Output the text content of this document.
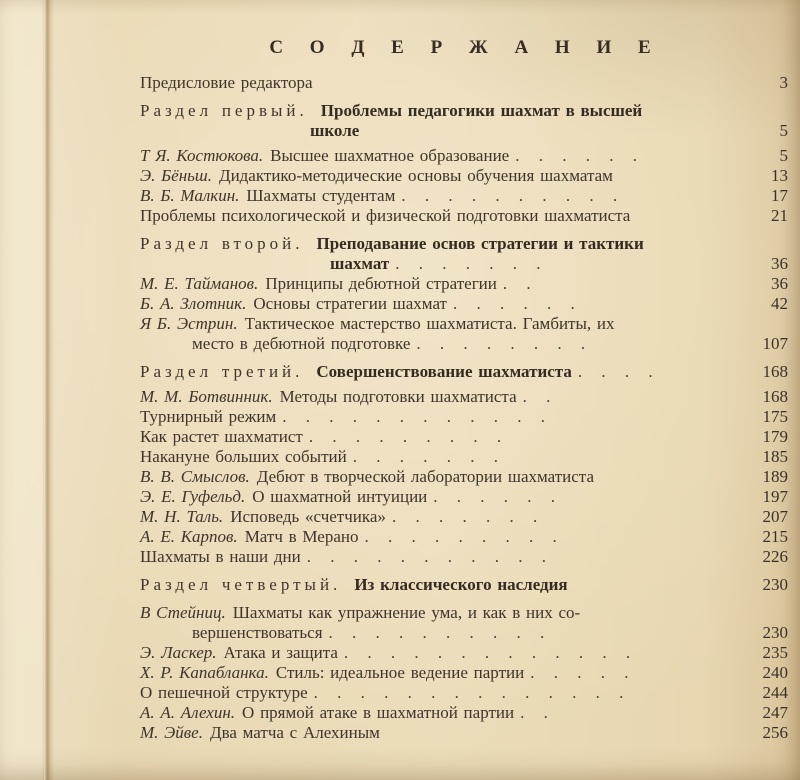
С О Д Е Р Ж А Н И Е
Предисловие редактора	3
Раздел первый. Проблемы педагогики шахмат в высшей
школе	5
Т Я. Костюкова. Высшее шахматное образование . . . . . .	5
Э. Бёньш. Дидактико-методические основы обучения шахматам	13
В. Б. Малкин. Шахматы студентам . . . . . . . . . .	17
Проблемы психологической и физической подготовки шахматиста	21
Раздел второй. Преподавание основ стратегии и тактики
шахмат . . . . . . .	36
М. Е. Тайманов. Принципы дебютной стратегии . .	36
Б. А. Злотник. Основы стратегии шахмат . . . . . .	42
Я Б. Эстрин. Тактическое мастерство шахматиста. Гамбиты, их
место в дебютной подготовке . . . . . . . .	107
Раздел третий. Совершенствование шахматиста . . . .	168
М. М. Ботвинник. Методы подготовки шахматиста . .	168
Турнирный режим . . . . . . . . . . . .	175
Как растет шахматист . . . . . . . . .	179
Накануне больших событий . . . . . . .	185
В. В. Смыслов. Дебют в творческой лаборатории шахматиста	189
Э. Е. Гуфельд. О шахматной интуиции . . . . . .	197
М. Н. Таль. Исповедь «счетчика» . . . . . . .	207
А. Е. Карпов. Матч в Мерано . . . . . . . . .	215
Шахматы в наши дни . . . . . . . . . . .	226
Раздел четвертый. Из классического наследия	230
В Стейниц. Шахматы как упражнение ума, и как в них со-
вершенствоваться . . . . . . . . . .	230
Э. Ласкер. Атака и защита . . . . . . . . . . . . .	235
Х. Р. Капабланка. Стиль: идеальное ведение партии . . . . .	240
О пешечной структуре . . . . . . . . . . . . . .	244
А. А. Алехин. О прямой атаке в шахматной партии . .	247
М. Эйве. Два матча с Алехиным	256
